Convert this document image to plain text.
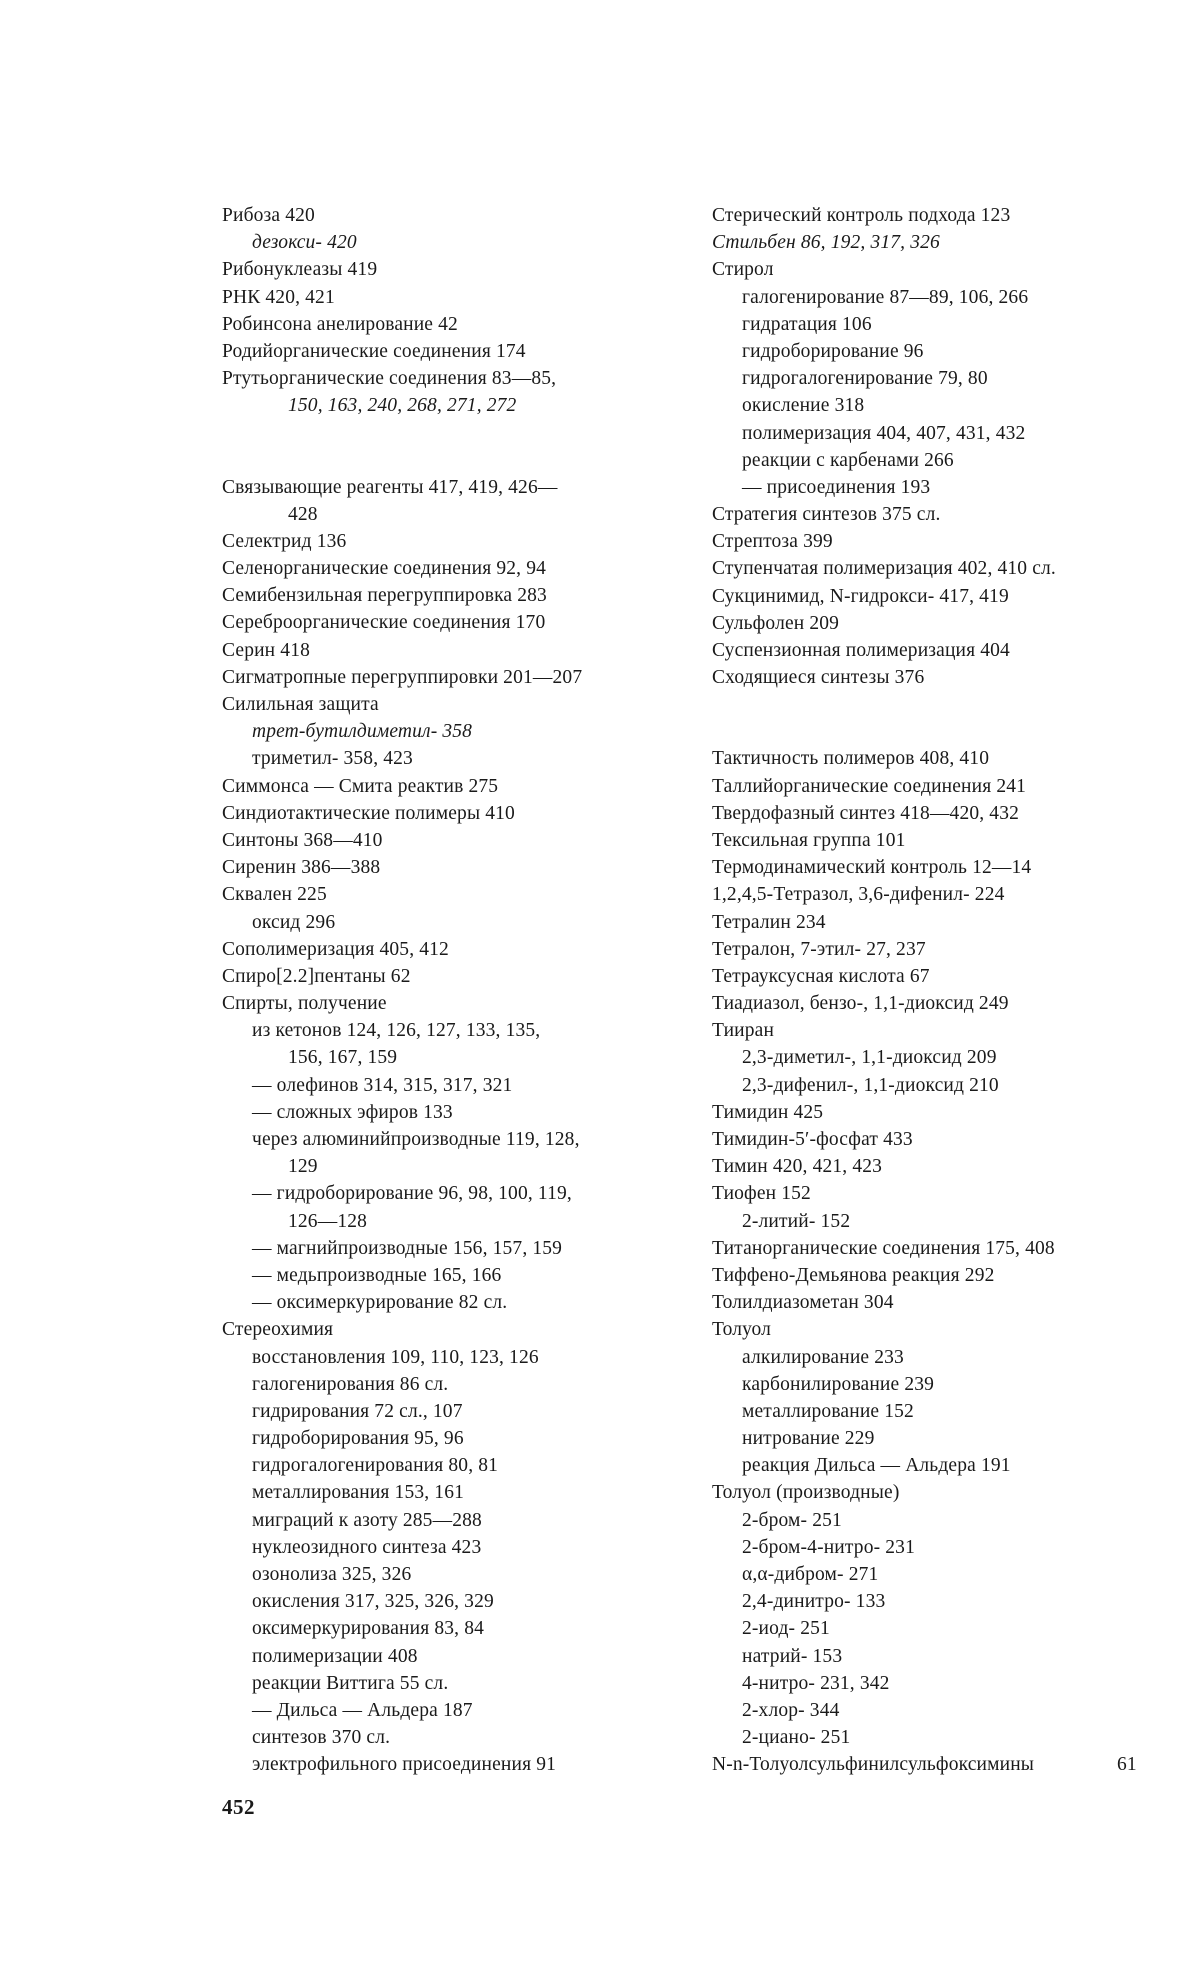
Рибоза 420
дезокси- 420
Рибонуклеазы 419
РНК 420, 421
Робинсона анелирование 42
Родийорганические соединения 174
Ртутьорганические соединения 83—85,
150, 163, 240, 268, 271, 272
Связывающие реагенты 417, 419, 426—
428
Селектрид 136
Селенорганические соединения 92, 94
Семибензильная перегруппировка 283
Сереброорганические соединения 170
Серин 418
Сигматропные перегруппировки 201—207
Силильная защита
трет-бутилдиметил- 358
триметил- 358, 423
Симмонса — Смита реактив 275
Синдиотактические полимеры 410
Синтоны 368—410
Сиренин 386—388
Сквален 225
оксид 296
Сополимеризация 405, 412
Спиро[2.2]пентаны 62
Спирты, получение
из кетонов 124, 126, 127, 133, 135,
156, 167, 159
— олефинов 314, 315, 317, 321
— сложных эфиров 133
через алюминийпроизводные 119, 128,
129
— гидроборирование 96, 98, 100, 119,
126—128
— магнийпроизводные 156, 157, 159
— медьпроизводные 165, 166
— оксимеркурирование 82 сл.
Стереохимия
восстановления 109, 110, 123, 126
галогенирования 86 сл.
гидрирования 72 сл., 107
гидроборирования 95, 96
гидрогалогенирования 80, 81
металлирования 153, 161
миграций к азоту 285—288
нуклеозидного синтеза 423
озонолиза 325, 326
окисления 317, 325, 326, 329
оксимеркурирования 83, 84
полимеризации 408
реакции Виттига 55 сл.
— Дильса — Альдера 187
синтезов 370 сл.
электрофильного присоединения 91
Стерический контроль подхода 123
Стильбен 86, 192, 317, 326
Стирол
галогенирование 87—89, 106, 266
гидратация 106
гидроборирование 96
гидрогалогенирование 79, 80
окисление 318
полимеризация 404, 407, 431, 432
реакции с карбенами 266
— присоединения 193
Стратегия синтезов 375 сл.
Стрептоза 399
Ступенчатая полимеризация 402, 410 сл.
Сукцинимид, N-гидрокси- 417, 419
Сульфолен 209
Суспензионная полимеризация 404
Сходящиеся синтезы 376
Тактичность полимеров 408, 410
Таллийорганические соединения 241
Твердофазный синтез 418—420, 432
Тексильная группа 101
Термодинамический контроль 12—14
1,2,4,5-Тетразол, 3,6-дифенил- 224
Тетралин 234
Тетралон, 7-этил- 27, 237
Тетрауксусная кислота 67
Тиадиазол, бензо-, 1,1-диоксид 249
Тииран
2,3-диметил-, 1,1-диоксид 209
2,3-дифенил-, 1,1-диоксид 210
Тимидин 425
Тимидин-5′-фосфат 433
Тимин 420, 421, 423
Тиофен 152
2-литий- 152
Титанорганические соединения 175, 408
Тиффено-Демьянова реакция 292
Толилдиазометан 304
Толуол
алкилирование 233
карбонилирование 239
металлирование 152
нитрование 229
реакция Дильса — Альдера 191
Толуол (производные)
2-бром- 251
2-бром-4-нитро- 231
α,α-дибром- 271
2,4-динитро- 133
2-иод- 251
натрий- 153
4-нитро- 231, 342
2-хлор- 344
2-циано- 251
N-n-Толуолсульфинилсульфоксимины	61
452
